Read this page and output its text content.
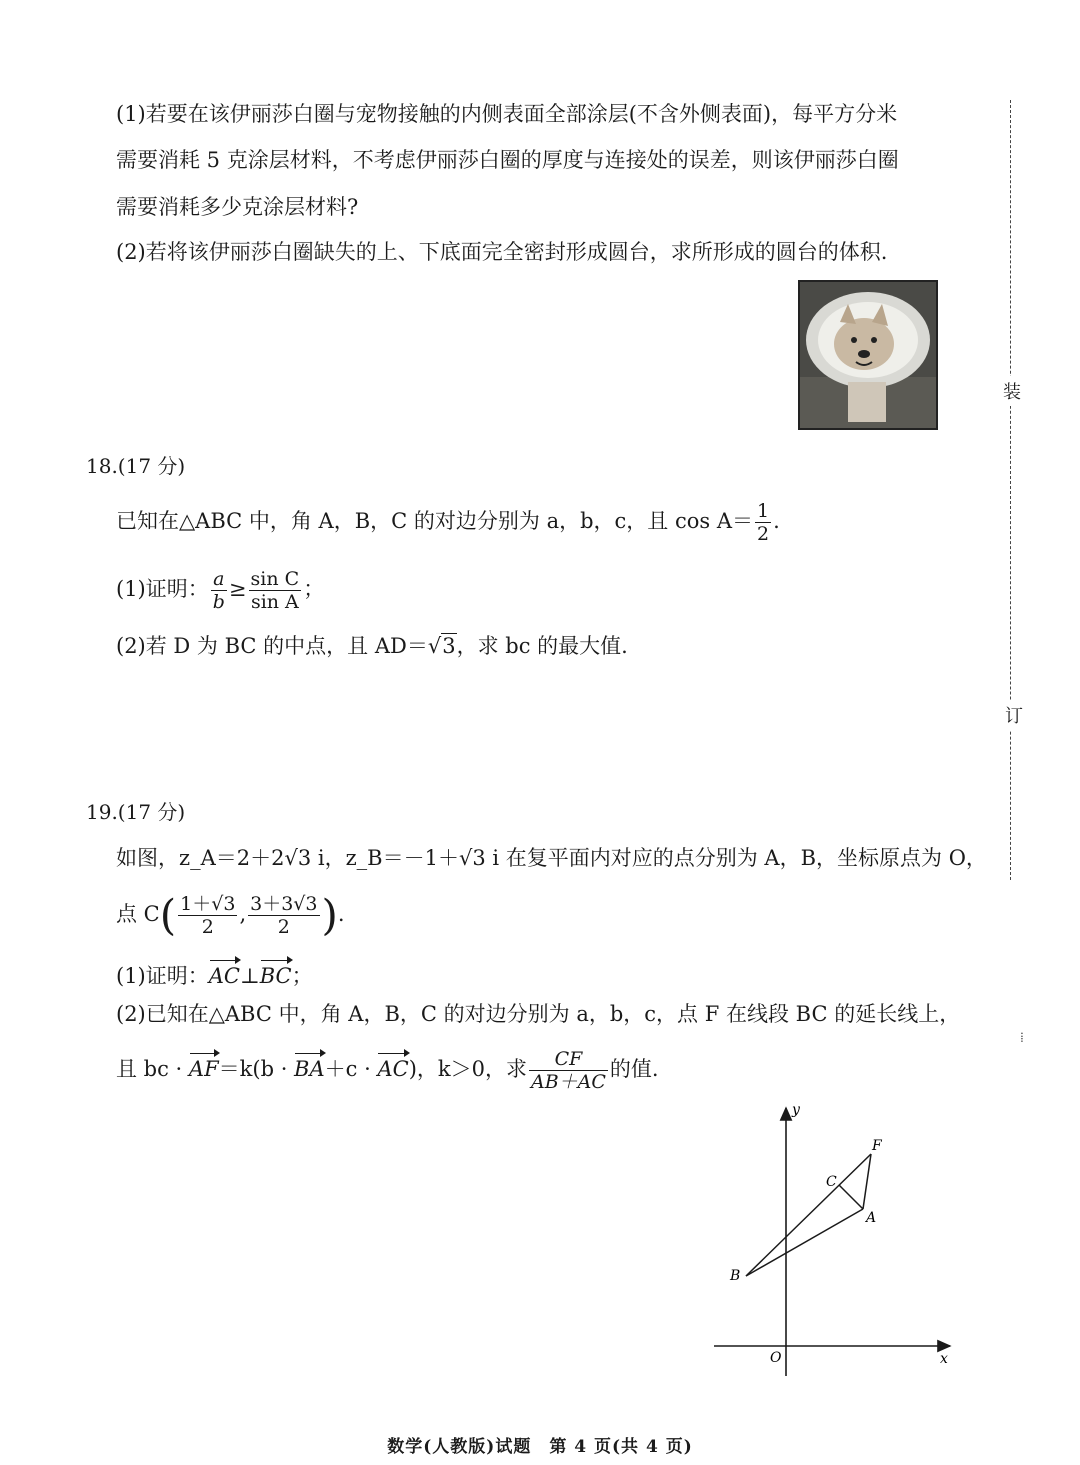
(1)若要在该伊丽莎白圈与宠物接触的内侧表面全部涂层(不含外侧表面)，每平方分米
需要消耗 5 克涂层材料，不考虑伊丽莎白圈的厚度与连接处的误差，则该伊丽莎白圈
需要消耗多少克涂层材料?
(2)若将该伊丽莎白圈缺失的上、下底面完全密封形成圆台，求所形成的圆台的体积.
装
订
⁞
18.(17 分)
已知在△ABC 中，角 A，B，C 的对边分别为 a，b，c，且 $\cos A= \frac{1}{2}$ .
(1)证明： $\frac{a}{b} \ge \frac{\text{sin C}}{\text{sin A}}$ ；
(2)若 D 为 BC 的中点，且 AD＝√3，求 bc 的最大值.
19.(17 分)
如图，z_A＝2＋2√3 i，z_B＝－1＋√3 i 在复平面内对应的点分别为 A，B，坐标原点为 O，
点 $C( \frac{1+√3}{2}$ , $\frac{3+3√3}{2}$ ).
(1)证明：AC⊥BC；
(2)已知在△ABC 中，角 A，B，C 的对边分别为 a，b，c，点 F 在线段 BC 的延长线上，
且 bc · AF＝k(b · BA＋c · AC)，k＞0，求 $\frac{CF}{AB+AC}$ 的值.
y
x
O
A
B
C
F
数学(人教版)试题　第 4 页(共 4 页)
